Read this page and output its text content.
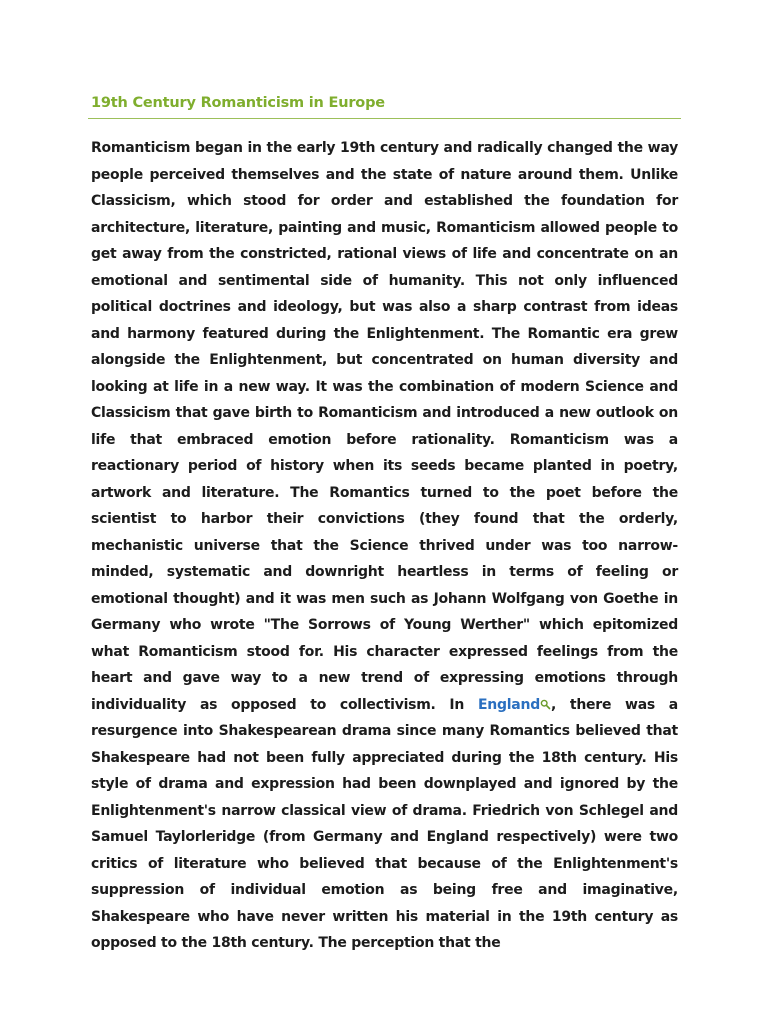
19th Century Romanticism in Europe

Romanticism began in the early 19th century and radically changed the way people perceived themselves and the state of nature around them. Unlike Classicism, which stood for order and established the foundation for architecture, literature, painting and music, Romanticism allowed people to get away from the constricted, rational views of life and concentrate on an emotional and sentimental side of humanity. This not only influenced political doctrines and ideology, but was also a sharp contrast from ideas and harmony featured during the Enlightenment. The Romantic era grew alongside the Enlightenment, but concentrated on human diversity and looking at life in a new way. It was the combination of modern Science and Classicism that gave birth to Romanticism and introduced a new outlook on life that embraced emotion before rationality. Romanticism was a reactionary period of history when its seeds became planted in poetry, artwork and literature. The Romantics turned to the poet before the scientist to harbor their convictions (they found that the orderly, mechanistic universe that the Science thrived under was too narrow-minded, systematic and downright heartless in terms of feeling or emotional thought) and it was men such as Johann Wolfgang von Goethe in Germany who wrote "The Sorrows of Young Werther" which epitomized what Romanticism stood for. His character expressed feelings from the heart and gave way to a new trend of expressing emotions through individuality as opposed to collectivism. In England , there was a resurgence into Shakespearean drama since many Romantics believed that Shakespeare had not been fully appreciated during the 18th century. His style of drama and expression had been downplayed and ignored by the Enlightenment's narrow classical view of drama. Friedrich von Schlegel and Samuel Taylorleridge (from Germany and England respectively) were two critics of literature who believed that because of the Enlightenment's suppression of individual emotion as being free and imaginative, Shakespeare who have never written his material in the 19th century as opposed to the 18th century. The perception that the
